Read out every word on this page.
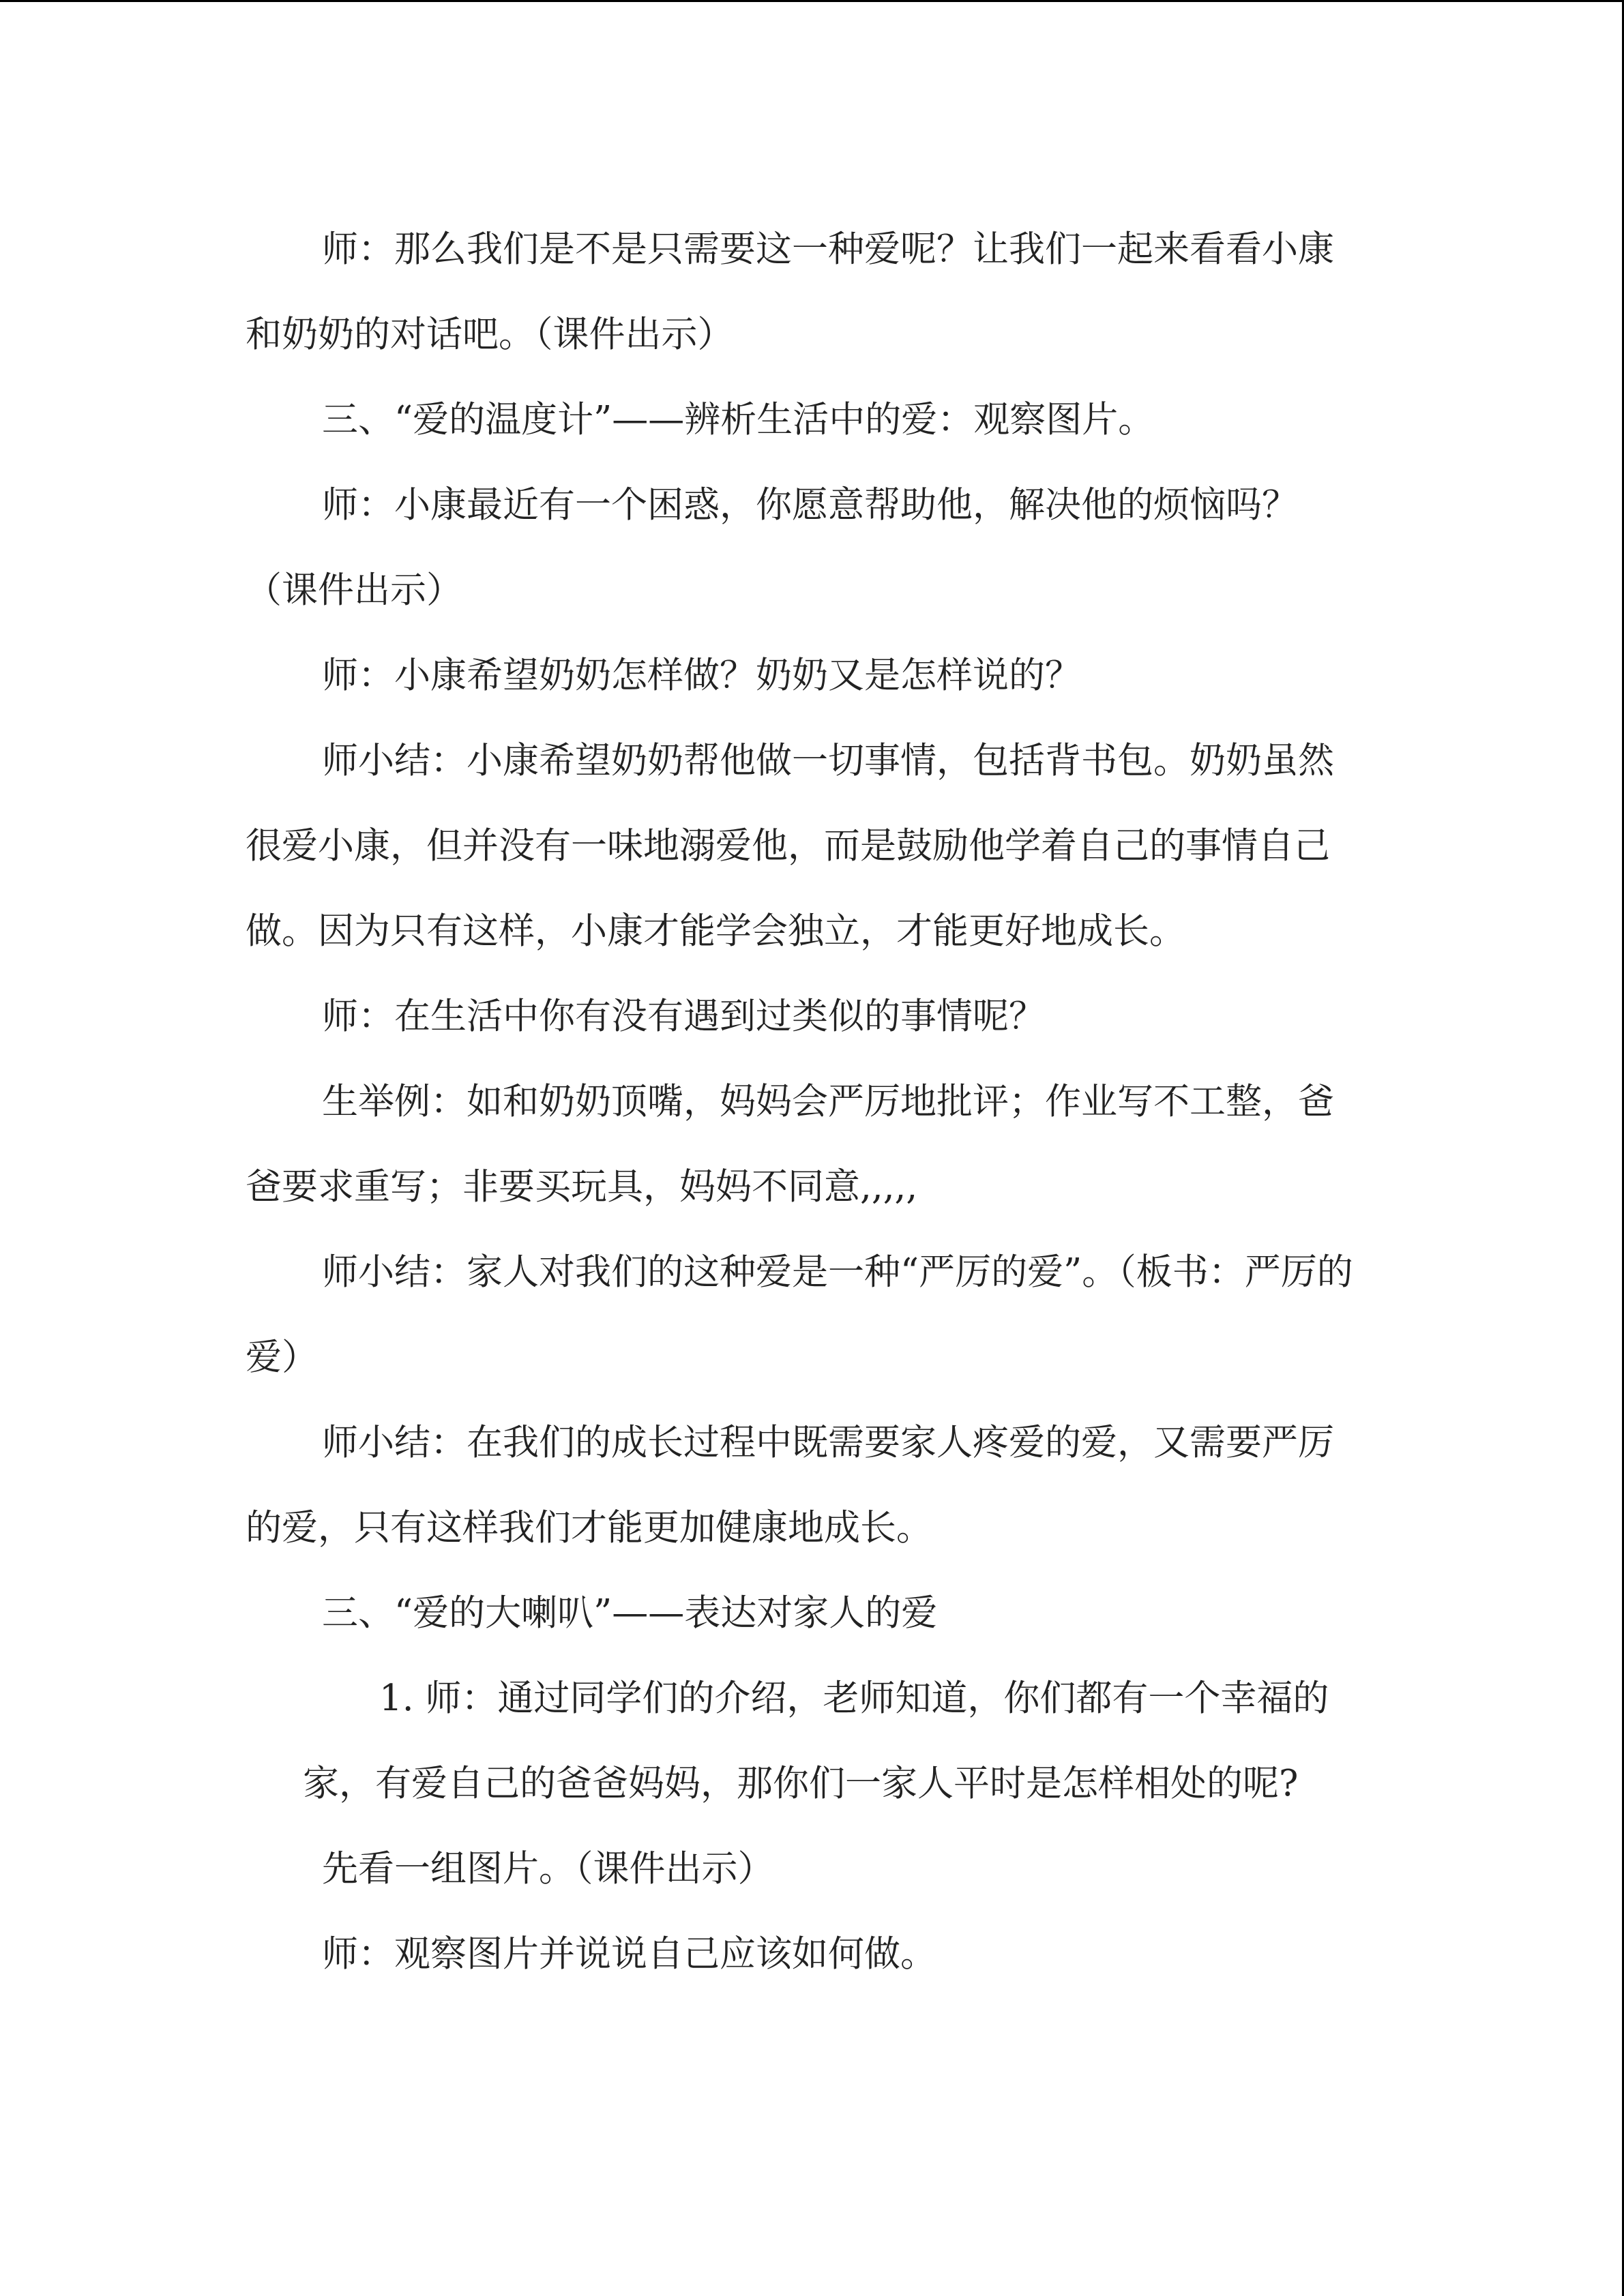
师：那么我们是不是只需要这一种爱呢？让我们一起来看看小康和奶奶的对话吧。（课件出示）

三、“爱的温度计”——辨析生活中的爱：观察图片。

师：小康最近有一个困惑，你愿意帮助他，解决他的烦恼吗？（课件出示）

师：小康希望奶奶怎样做？奶奶又是怎样说的？

师小结：小康希望奶奶帮他做一切事情，包括背书包。奶奶虽然很爱小康，但并没有一味地溺爱他，而是鼓励他学着自己的事情自己做。因为只有这样，小康才能学会独立，才能更好地成长。

师：在生活中你有没有遇到过类似的事情呢？

生举例：如和奶奶顶嘴，妈妈会严厉地批评；作业写不工整，爸爸要求重写；非要买玩具，妈妈不同意,,,,,

师小结：家人对我们的这种爱是一种“严厉的爱”。（板书：严厉的爱）

师小结：在我们的成长过程中既需要家人疼爱的爱，又需要严厉的爱，只有这样我们才能更加健康地成长。

三、“爱的大喇叭”——表达对家人的爱

1. 师：通过同学们的介绍，老师知道，你们都有一个幸福的家，有爱自己的爸爸妈妈，那你们一家人平时是怎样相处的呢?

先看一组图片。（课件出示）

师：观察图片并说说自己应该如何做。
